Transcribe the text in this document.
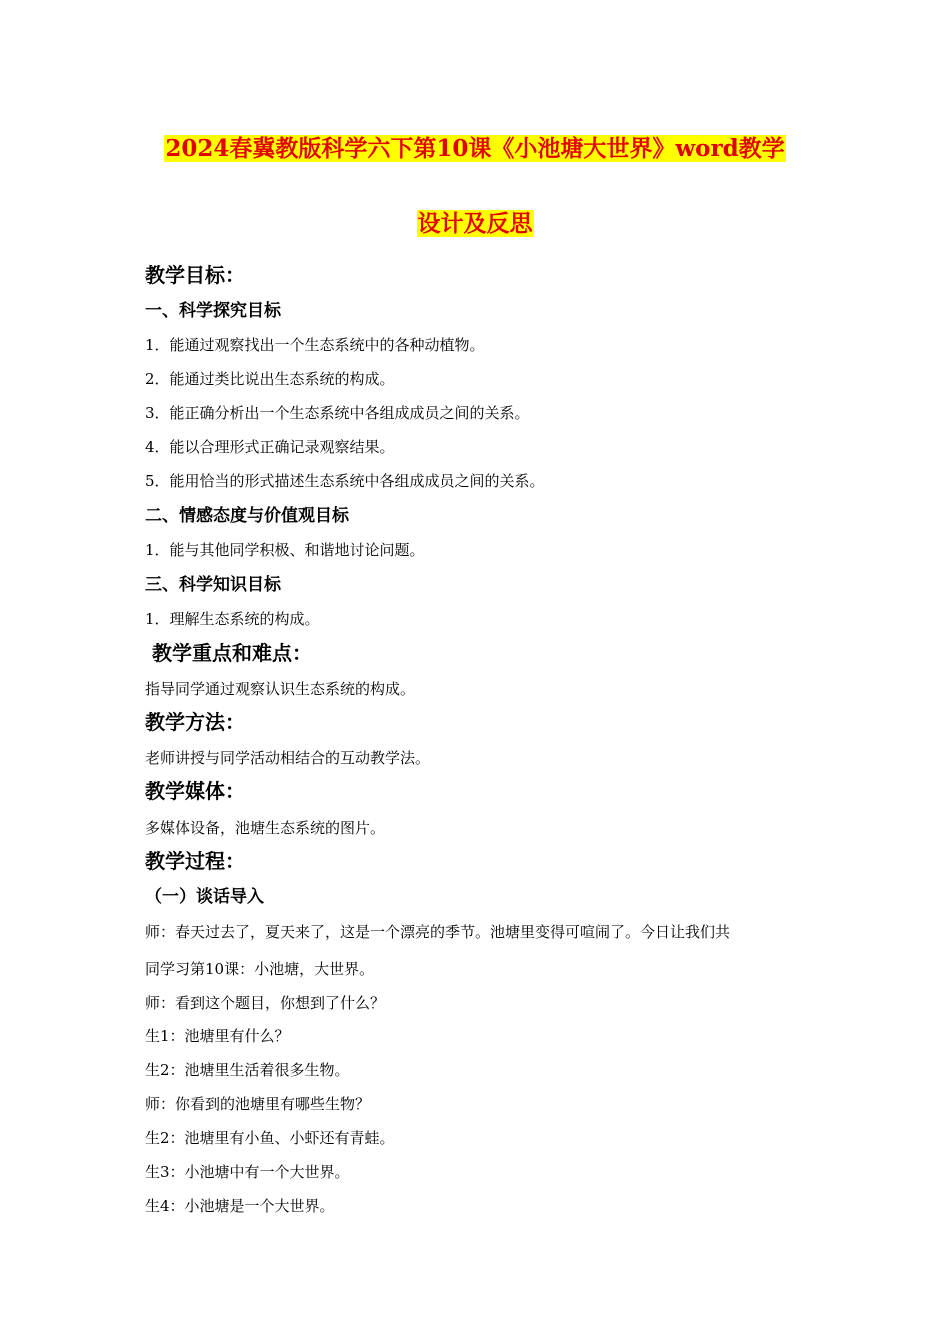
2024春冀教版科学六下第10课《小池塘大世界》word教学
设计及反思
教学目标：
一、科学探究目标
1．能通过观察找出一个生态系统中的各种动植物。
2．能通过类比说出生态系统的构成。
3．能正确分析出一个生态系统中各组成成员之间的关系。
4．能以合理形式正确记录观察结果。
5．能用恰当的形式描述生态系统中各组成成员之间的关系。
二、情感态度与价值观目标
1．能与其他同学积极、和谐地讨论问题。
三、科学知识目标
1．理解生态系统的构成。
教学重点和难点：
指导同学通过观察认识生态系统的构成。
教学方法：
老师讲授与同学活动相结合的互动教学法。
教学媒体：
多媒体设备，池塘生态系统的图片。
教学过程：
（一）谈话导入
师：春天过去了，夏天来了，这是一个漂亮的季节。池塘里变得可喧闹了。今日让我们共
同学习第10课：小池塘，大世界。
师：看到这个题目，你想到了什么？
生1：池塘里有什么？
生2：池塘里生活着很多生物。
师：你看到的池塘里有哪些生物？
生2：池塘里有小鱼、小虾还有青蛙。
生3：小池塘中有一个大世界。
生4：小池塘是一个大世界。
